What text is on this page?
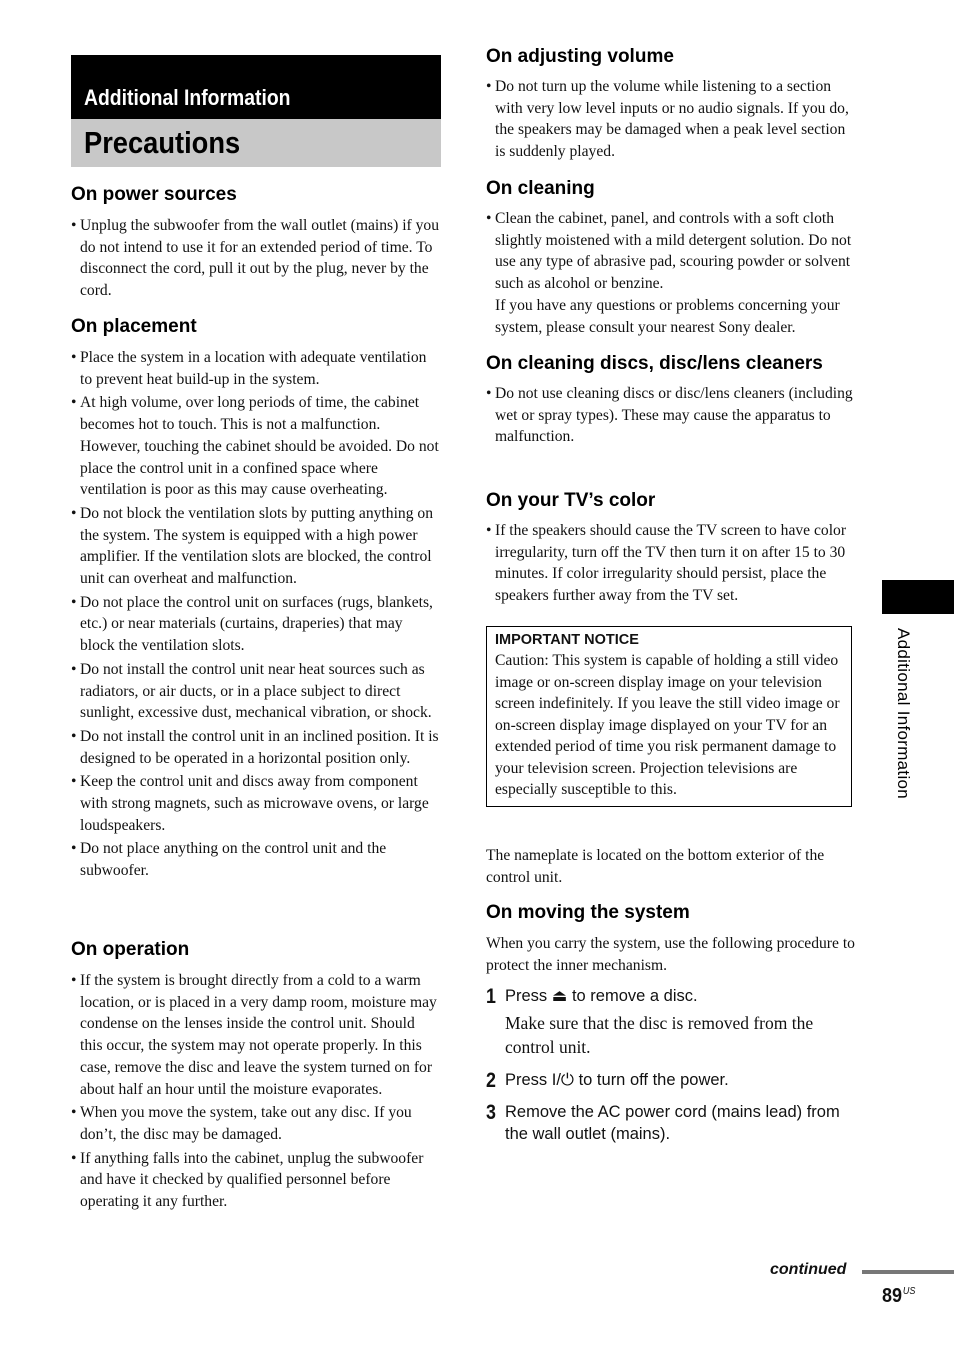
Additional Information
Precautions
On power sources
• Unplug the subwoofer from the wall outlet (mains) if you do not intend to use it for an extended period of time. To disconnect the cord, pull it out by the plug, never by the cord.
On placement
• Place the system in a location with adequate ventilation to prevent heat build-up in the system.
• At high volume, over long periods of time, the cabinet becomes hot to touch. This is not a malfunction. However, touching the cabinet should be avoided. Do not place the control unit in a confined space where ventilation is poor as this may cause overheating.
• Do not block the ventilation slots by putting anything on the system. The system is equipped with a high power amplifier. If the ventilation slots are blocked, the control unit can overheat and malfunction.
• Do not place the control unit on surfaces (rugs, blankets, etc.) or near materials (curtains, draperies) that may block the ventilation slots.
• Do not install the control unit near heat sources such as radiators, or air ducts, or in a place subject to direct sunlight, excessive dust, mechanical vibration, or shock.
• Do not install the control unit in an inclined position. It is designed to be operated in a horizontal position only.
• Keep the control unit and discs away from component with strong magnets, such as microwave ovens, or large loudspeakers.
• Do not place anything on the control unit and the subwoofer.
On operation
• If the system is brought directly from a cold to a warm location, or is placed in a very damp room, moisture may condense on the lenses inside the control unit. Should this occur, the system may not operate properly. In this case, remove the disc and leave the system turned on for about half an hour until the moisture evaporates.
• When you move the system, take out any disc. If you don’t, the disc may be damaged.
• If anything falls into the cabinet, unplug the subwoofer and have it checked by qualified personnel before operating it any further.
On adjusting volume
• Do not turn up the volume while listening to a section with very low level inputs or no audio signals. If you do, the speakers may be damaged when a peak level section is suddenly played.
On cleaning
• Clean the cabinet, panel, and controls with a soft cloth slightly moistened with a mild detergent solution. Do not use any type of abrasive pad, scouring powder or solvent such as alcohol or benzine.
If you have any questions or problems concerning your system, please consult your nearest Sony dealer.
On cleaning discs, disc/lens cleaners
• Do not use cleaning discs or disc/lens cleaners (including wet or spray types). These may cause the apparatus to malfunction.
On your TV’s color
• If the speakers should cause the TV screen to have color irregularity, turn off the TV then turn it on after 15 to 30 minutes. If color irregularity should persist, place the speakers further away from the TV set.
IMPORTANT NOTICE
Caution: This system is capable of holding a still video image or on-screen display image on your television screen indefinitely. If you leave the still video image or on-screen display image displayed on your TV for an extended period of time you risk permanent damage to your television screen. Projection televisions are especially susceptible to this.

The nameplate is located on the bottom exterior of the control unit.

On moving the system

When you carry the system, use the following procedure to protect the inner mechanism.

1 Press ⏏ to remove a disc.
Make sure that the disc is removed from the control unit.
2 Press I/⏻ to turn off the power.
3 Remove the AC power cord (mains lead) from the wall outlet (mains).
Additional Information
continued
$89^{US}$
